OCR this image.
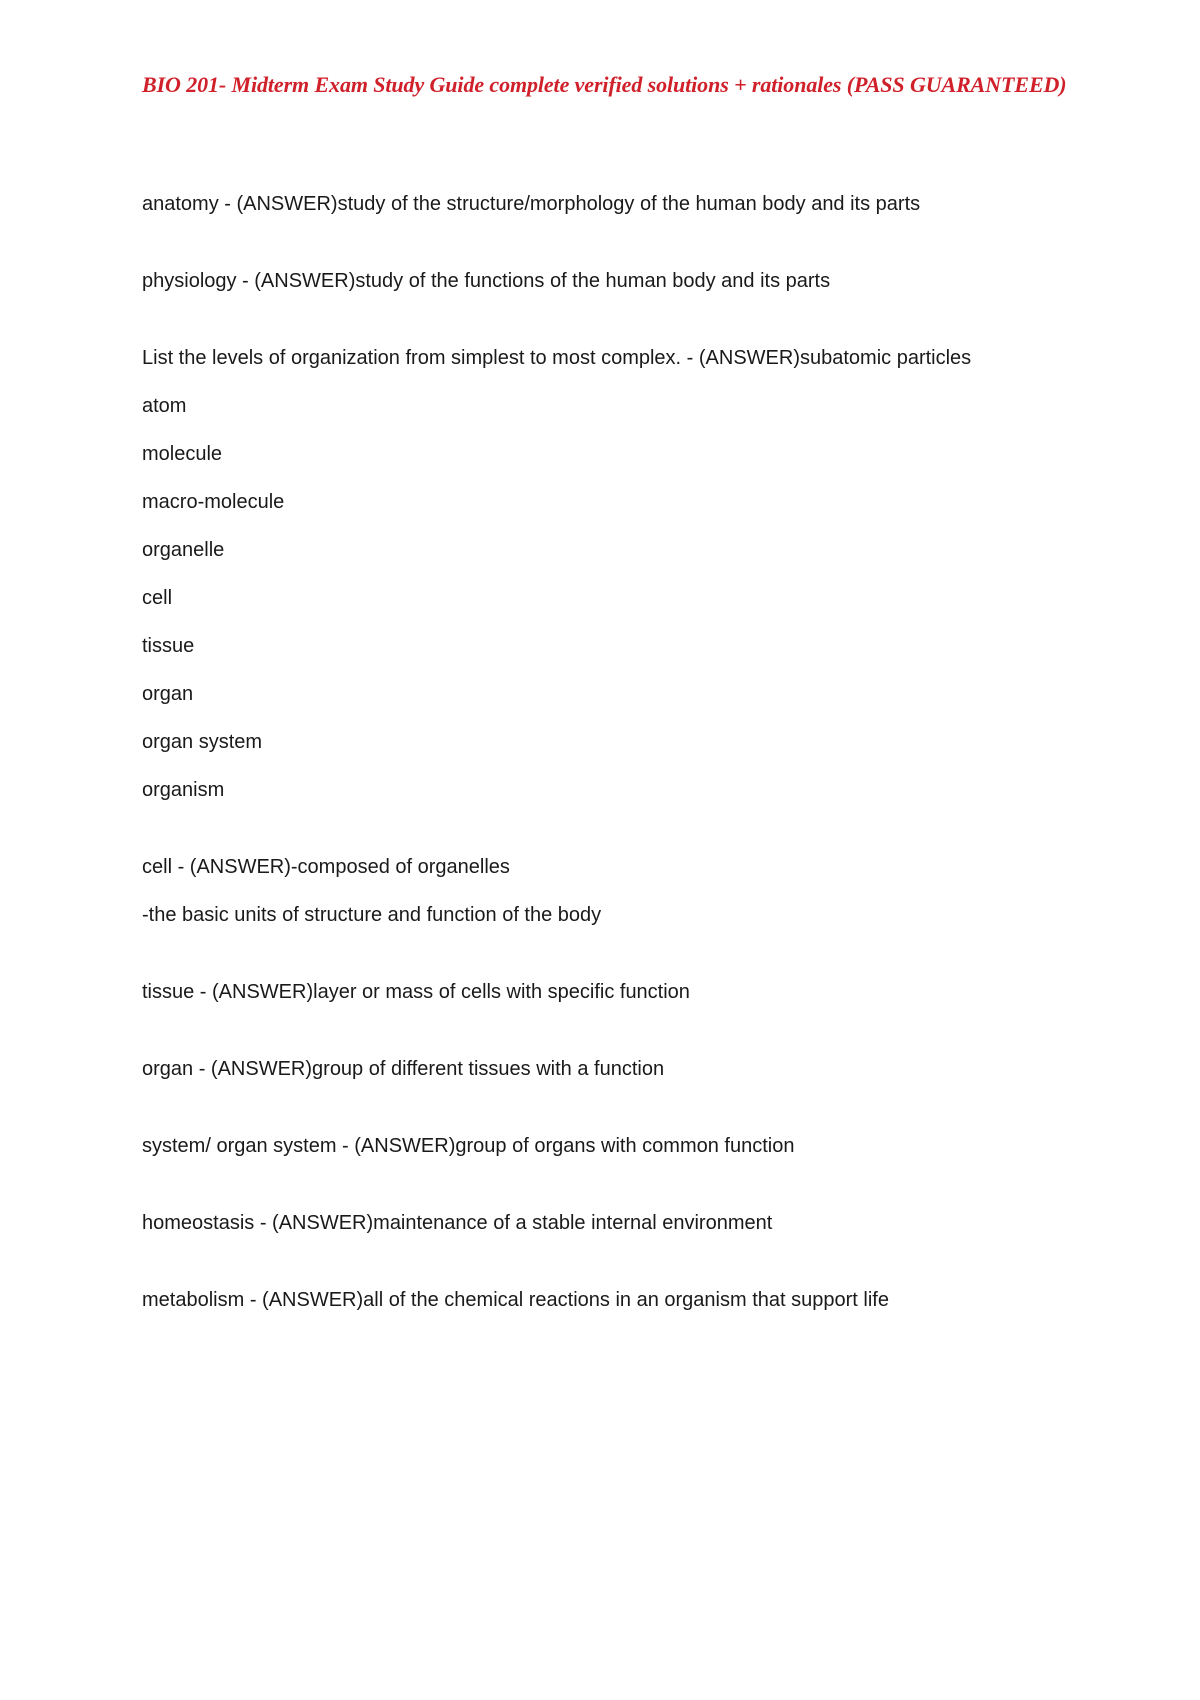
BIO 201- Midterm Exam Study Guide complete verified solutions + rationales (PASS GUARANTEED)
anatomy - (ANSWER)study of the structure/morphology of the human body and its parts
physiology - (ANSWER)study of the functions of the human body and its parts
List the levels of organization from simplest to most complex. - (ANSWER)subatomic particles
atom
molecule
macro-molecule
organelle
cell
tissue
organ
organ system
organism
cell - (ANSWER)-composed of organelles
-the basic units of structure and function of the body
tissue - (ANSWER)layer or mass of cells with specific function
organ - (ANSWER)group of different tissues with a function
system/ organ system - (ANSWER)group of organs with common function
homeostasis - (ANSWER)maintenance of a stable internal environment
metabolism - (ANSWER)all of the chemical reactions in an organism that support life
